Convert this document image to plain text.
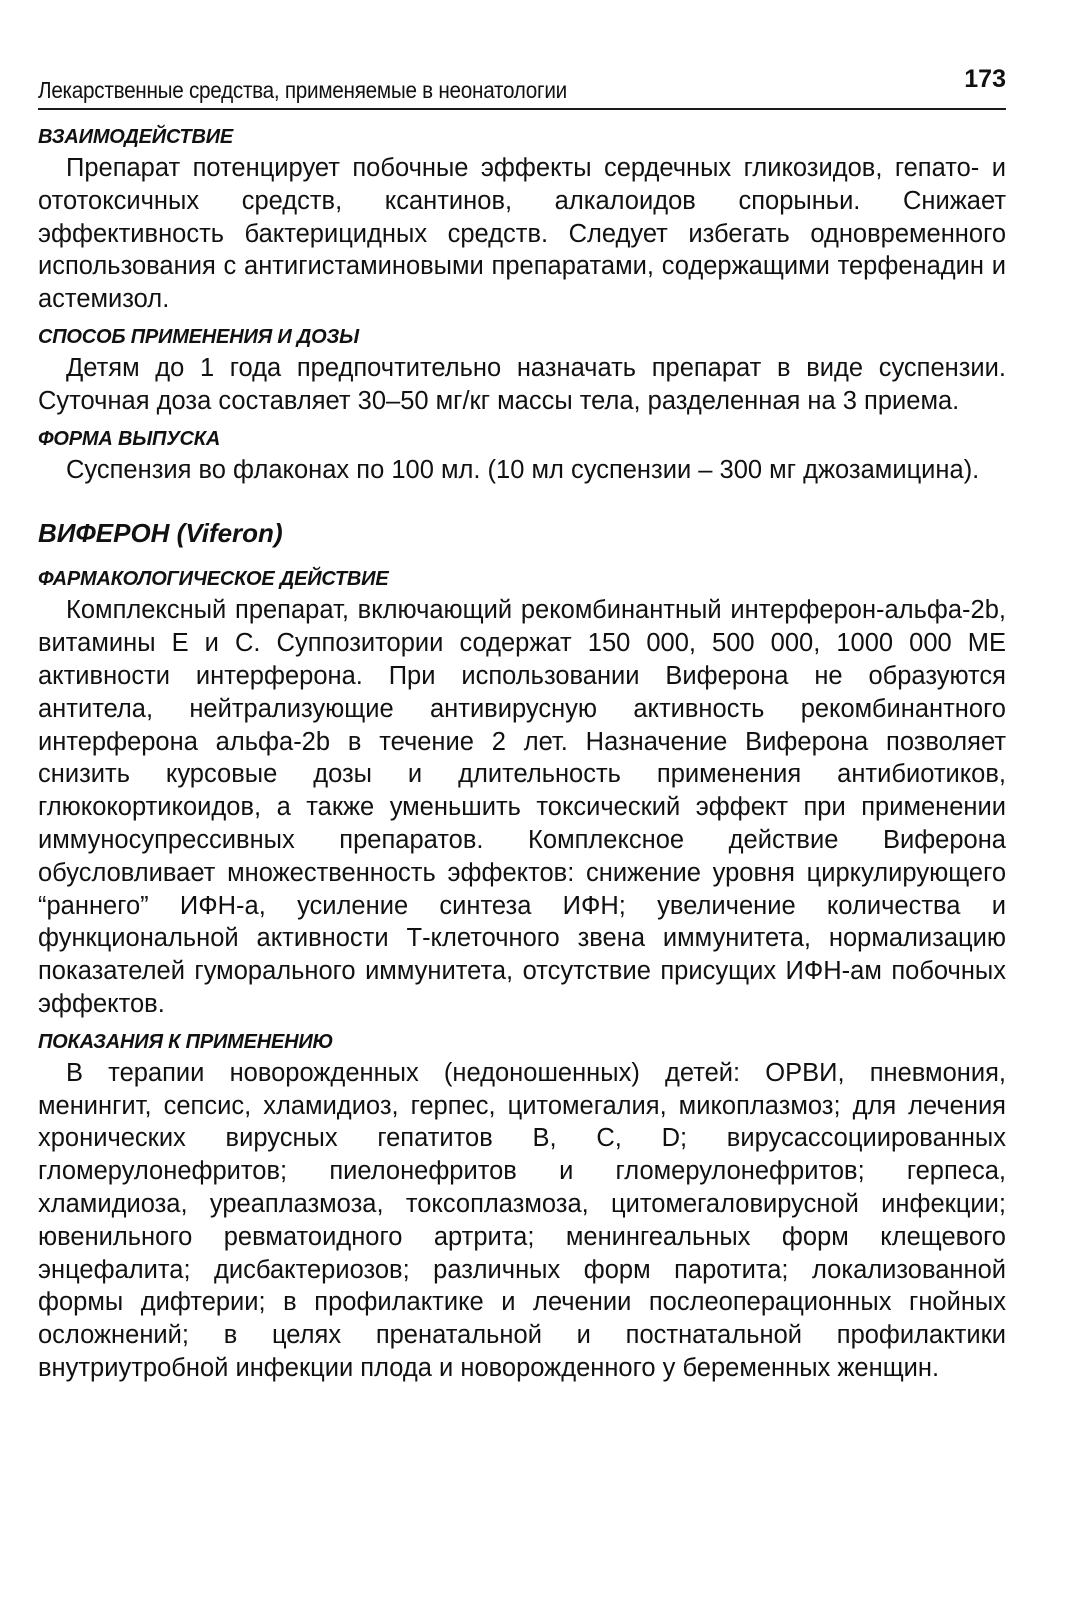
Лекарственные средства, применяемые в неонатологии	173
ВЗАИМОДЕЙСТВИЕ

Препарат потенцирует побочные эффекты сердечных гликозидов, гепато- и ототоксичных средств, ксантинов, алкалоидов спорыньи. Снижает эффективность бактерицидных средств. Следует избегать одновременного использования с антигистаминовыми препаратами, содержащими терфенадин и астемизол.

СПОСОБ ПРИМЕНЕНИЯ И ДОЗЫ

Детям до 1 года предпочтительно назначать препарат в виде суспензии. Суточная доза составляет 30–50 мг/кг массы тела, разделенная на 3 приема.

ФОРМА ВЫПУСКА

Суспензия во флаконах по 100 мл. (10 мл суспензии – 300 мг джозамицина).

ВИФЕРОН (Viferon)
ФАРМАКОЛОГИЧЕСКОЕ ДЕЙСТВИЕ

Комплексный препарат, включающий рекомбинантный интерферон-альфа-2b, витамины Е и С. Суппозитории содержат 150 000, 500 000, 1000 000 МЕ активности интерферона. При использовании Виферона не образуются антитела, нейтрализующие антивирусную активность рекомбинантного интерферона альфа-2b в течение 2 лет. Назначение Виферона позволяет снизить курсовые дозы и длительность применения антибиотиков, глюкокортикоидов, а также уменьшить токсический эффект при применении иммуносупрессивных препаратов. Комплексное действие Виферона обусловливает множественность эффектов: снижение уровня циркулирующего “раннего” ИФН-а, усиление синтеза ИФН; увеличение количества и функциональной активности Т-клеточного звена иммунитета, нормализацию показателей гуморального иммунитета, отсутствие присущих ИФН-ам побочных эффектов.

ПОКАЗАНИЯ К ПРИМЕНЕНИЮ

В терапии новорожденных (недоношенных) детей: ОРВИ, пневмония, менингит, сепсис, хламидиоз, герпес, цитомегалия, микоплазмоз; для лечения хронических вирусных гепатитов В, С, D; вирусассоциированных гломерулонефритов; пиелонефритов и гломерулонефритов; герпеса, хламидиоза, уреаплазмоза, токсоплазмоза, цитомегаловирусной инфекции; ювенильного ревматоидного артрита; менингеальных форм клещевого энцефалита; дисбактериозов; различных форм паротита; локализованной формы дифтерии; в профилактике и лечении послеоперационных гнойных осложнений; в целях пренатальной и постнатальной профилактики внутриутробной инфекции плода и новорожденного у беременных женщин.
